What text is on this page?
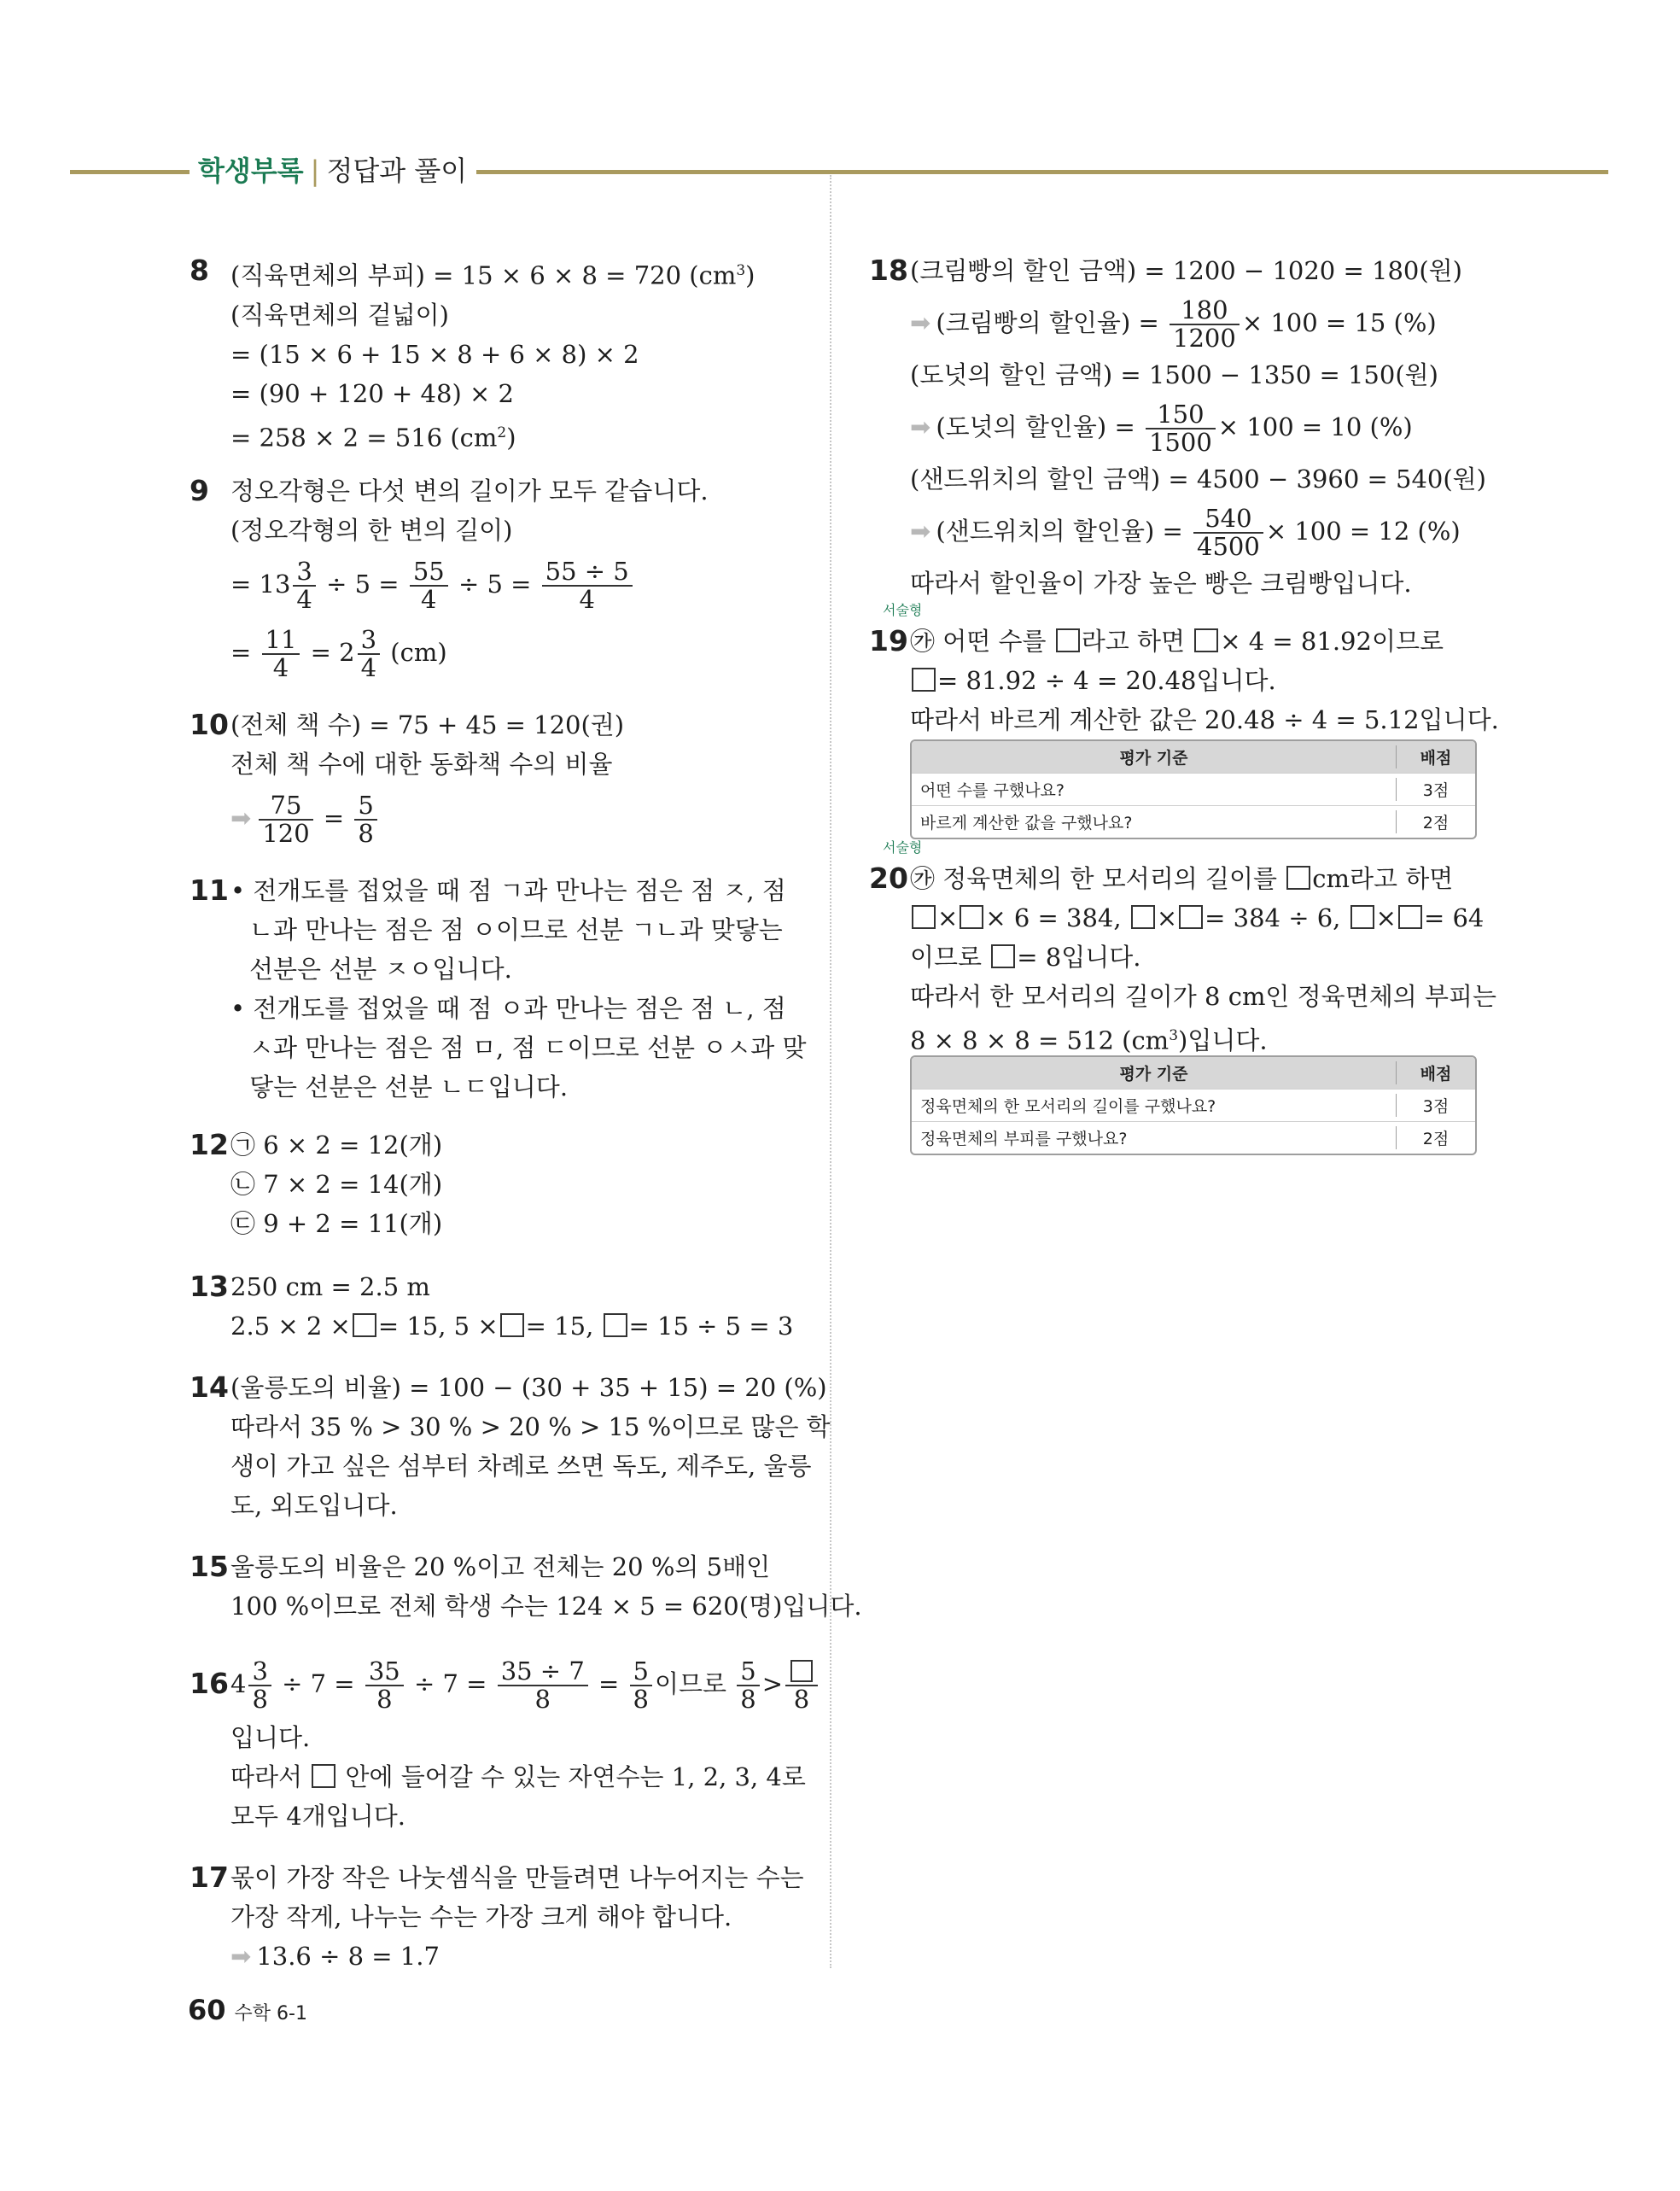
학생부록 | 정답과 풀이
8 (직육면체의 부피) = 15 × 6 × 8 = 720 $(cm^3)$
(직육면체의 겉넓이)
= (15 × 6 + 15 × 8 + 6 × 8) × 2
= (90 + 120 + 48) × 2
= 258 × 2 = 516 $(cm^2)$
9 정오각형은 다섯 변의 길이가 모두 같습니다.
(정오각형의 한 변의 길이)
= $13 \frac{3}{4} \div 5 = \frac{55}{4} \div 5 = \frac{55 \div 5}{4}$
= $\frac{11}{4} = 2 \frac{3}{4} (cm)$
10 (전체 책 수) = 75 + 45 = 120(권)
전체 책 수에 대한 동화책 수의 비율
➡ $\frac{75}{120} = \frac{5}{8}$
11 • 전개도를 접었을 때 점 ㄱ과 만나는 점은 점 ㅈ, 점 ㄴ과 만나는 점은 점 ㅇ이므로 선분 ㄱㄴ과 맞닿는 선분은 선분 ㅈㅇ입니다.
• 전개도를 접었을 때 점 ㅇ과 만나는 점은 점 ㄴ, 점 ㅅ과 만나는 점은 점 ㅁ, 점 ㄷ이므로 선분 ㅇㅅ과 맞닿는 선분은 선분 ㄴㄷ입니다.
12 ㉠ 6 × 2 = 12(개)
㉡ 7 × 2 = 14(개)
㉢ 9 + 2 = 11(개)
13 250 cm = 2.5 m
2.5 × 2 × = 15, 5 × = 15, = 15 ÷ 5 = 3
14 (울릉도의 비율) = 100 − (30 + 35 + 15) = 20 (%)
따라서 35 % > 30 % > 20 % > 15 %이므로 많은 학
생이 가고 싶은 섬부터 차례로 쓰면 독도, 제주도, 울릉
도, 외도입니다.
15 울릉도의 비율은 20 %이고 전체는 20 %의 5배인
100 %이므로 전체 학생 수는 124 × 5 = 620(명)입니다.
16 $4 \frac{3}{8} \div 7 = \frac{35}{8} \div 7 = \frac{35 \div 7}{8} = \frac{5}{8}$ 이므로 $\frac{5}{8}$ >
8
입니다.
따라서 안에 들어갈 수 있는 자연수는 1, 2, 3, 4로
모두 4개입니다.
17 몫이 가장 작은 나눗셈식을 만들려면 나누어지는 수는
가장 작게, 나누는 수는 가장 크게 해야 합니다.
➡ 13.6 ÷ 8 = 1.7
18 (크림빵의 할인 금액) = 1200 − 1020 = 180(원)
➡ (크림빵의 할인율) = $\frac{180}{1200} \times 100 = 15$ (%)
(도넛의 할인 금액) = 1500 − 1350 = 150(원)
➡ (도넛의 할인율) = $\frac{150}{1500} \times 100 = 10$ (%)
(샌드위치의 할인 금액) = 4500 − 3960 = 540(원)
➡ (샌드위치의 할인율) = $\frac{540}{4500} \times 100 = 12$ (%)
따라서 할인율이 가장 높은 빵은 크림빵입니다.
서술형
19 ㉮ 어떤 수를 라고 하면 × 4 = 81.92이므로
= 81.92 ÷ 4 = 20.48입니다.
따라서 바르게 계산한 값은 20.48 ÷ 4 = 5.12입니다.
평가 기준	배점
어떤 수를 구했나요?	3점
바르게 계산한 값을 구했나요?	2점
서술형
20 ㉮ 정육면체의 한 모서리의 길이를 cm라고 하면
× × 6 = 384, × = 384 ÷ 6, × = 64
이므로 = 8입니다.
따라서 한 모서리의 길이가 8 cm인 정육면체의 부피는
8 × 8 × 8 = 512 $(cm^3)$입니다.
평가 기준	배점
정육면체의 한 모서리의 길이를 구했나요?	3점
정육면체의 부피를 구했나요?	2점
60 수학 6-1
